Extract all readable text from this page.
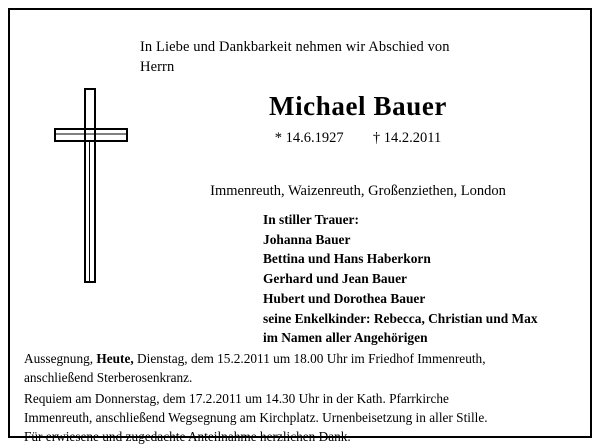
In Liebe und Dankbarkeit nehmen wir Abschied von
Herrn
Michael Bauer
* 14.6.1927 † 14.2.2011
Immenreuth, Waizenreuth, Großenziethen, London
In stiller Trauer:
Johanna Bauer
Bettina und Hans Haberkorn
Gerhard und Jean Bauer
Hubert und Dorothea Bauer
seine Enkelkinder: Rebecca, Christian und Max
im Namen aller Angehörigen

Aussegnung, Heute, Dienstag, dem 15.2.2011 um 18.00 Uhr im Friedhof Immenreuth,

anschließend Sterberosenkranz.

Requiem am Donnerstag, dem 17.2.2011 um 14.30 Uhr in der Kath. Pfarrkirche

Immenreuth, anschließend Wegsegnung am Kirchplatz. Urnenbeisetzung in aller Stille.

Für erwiesene und zugedachte Anteilnahme herzlichen Dank.
